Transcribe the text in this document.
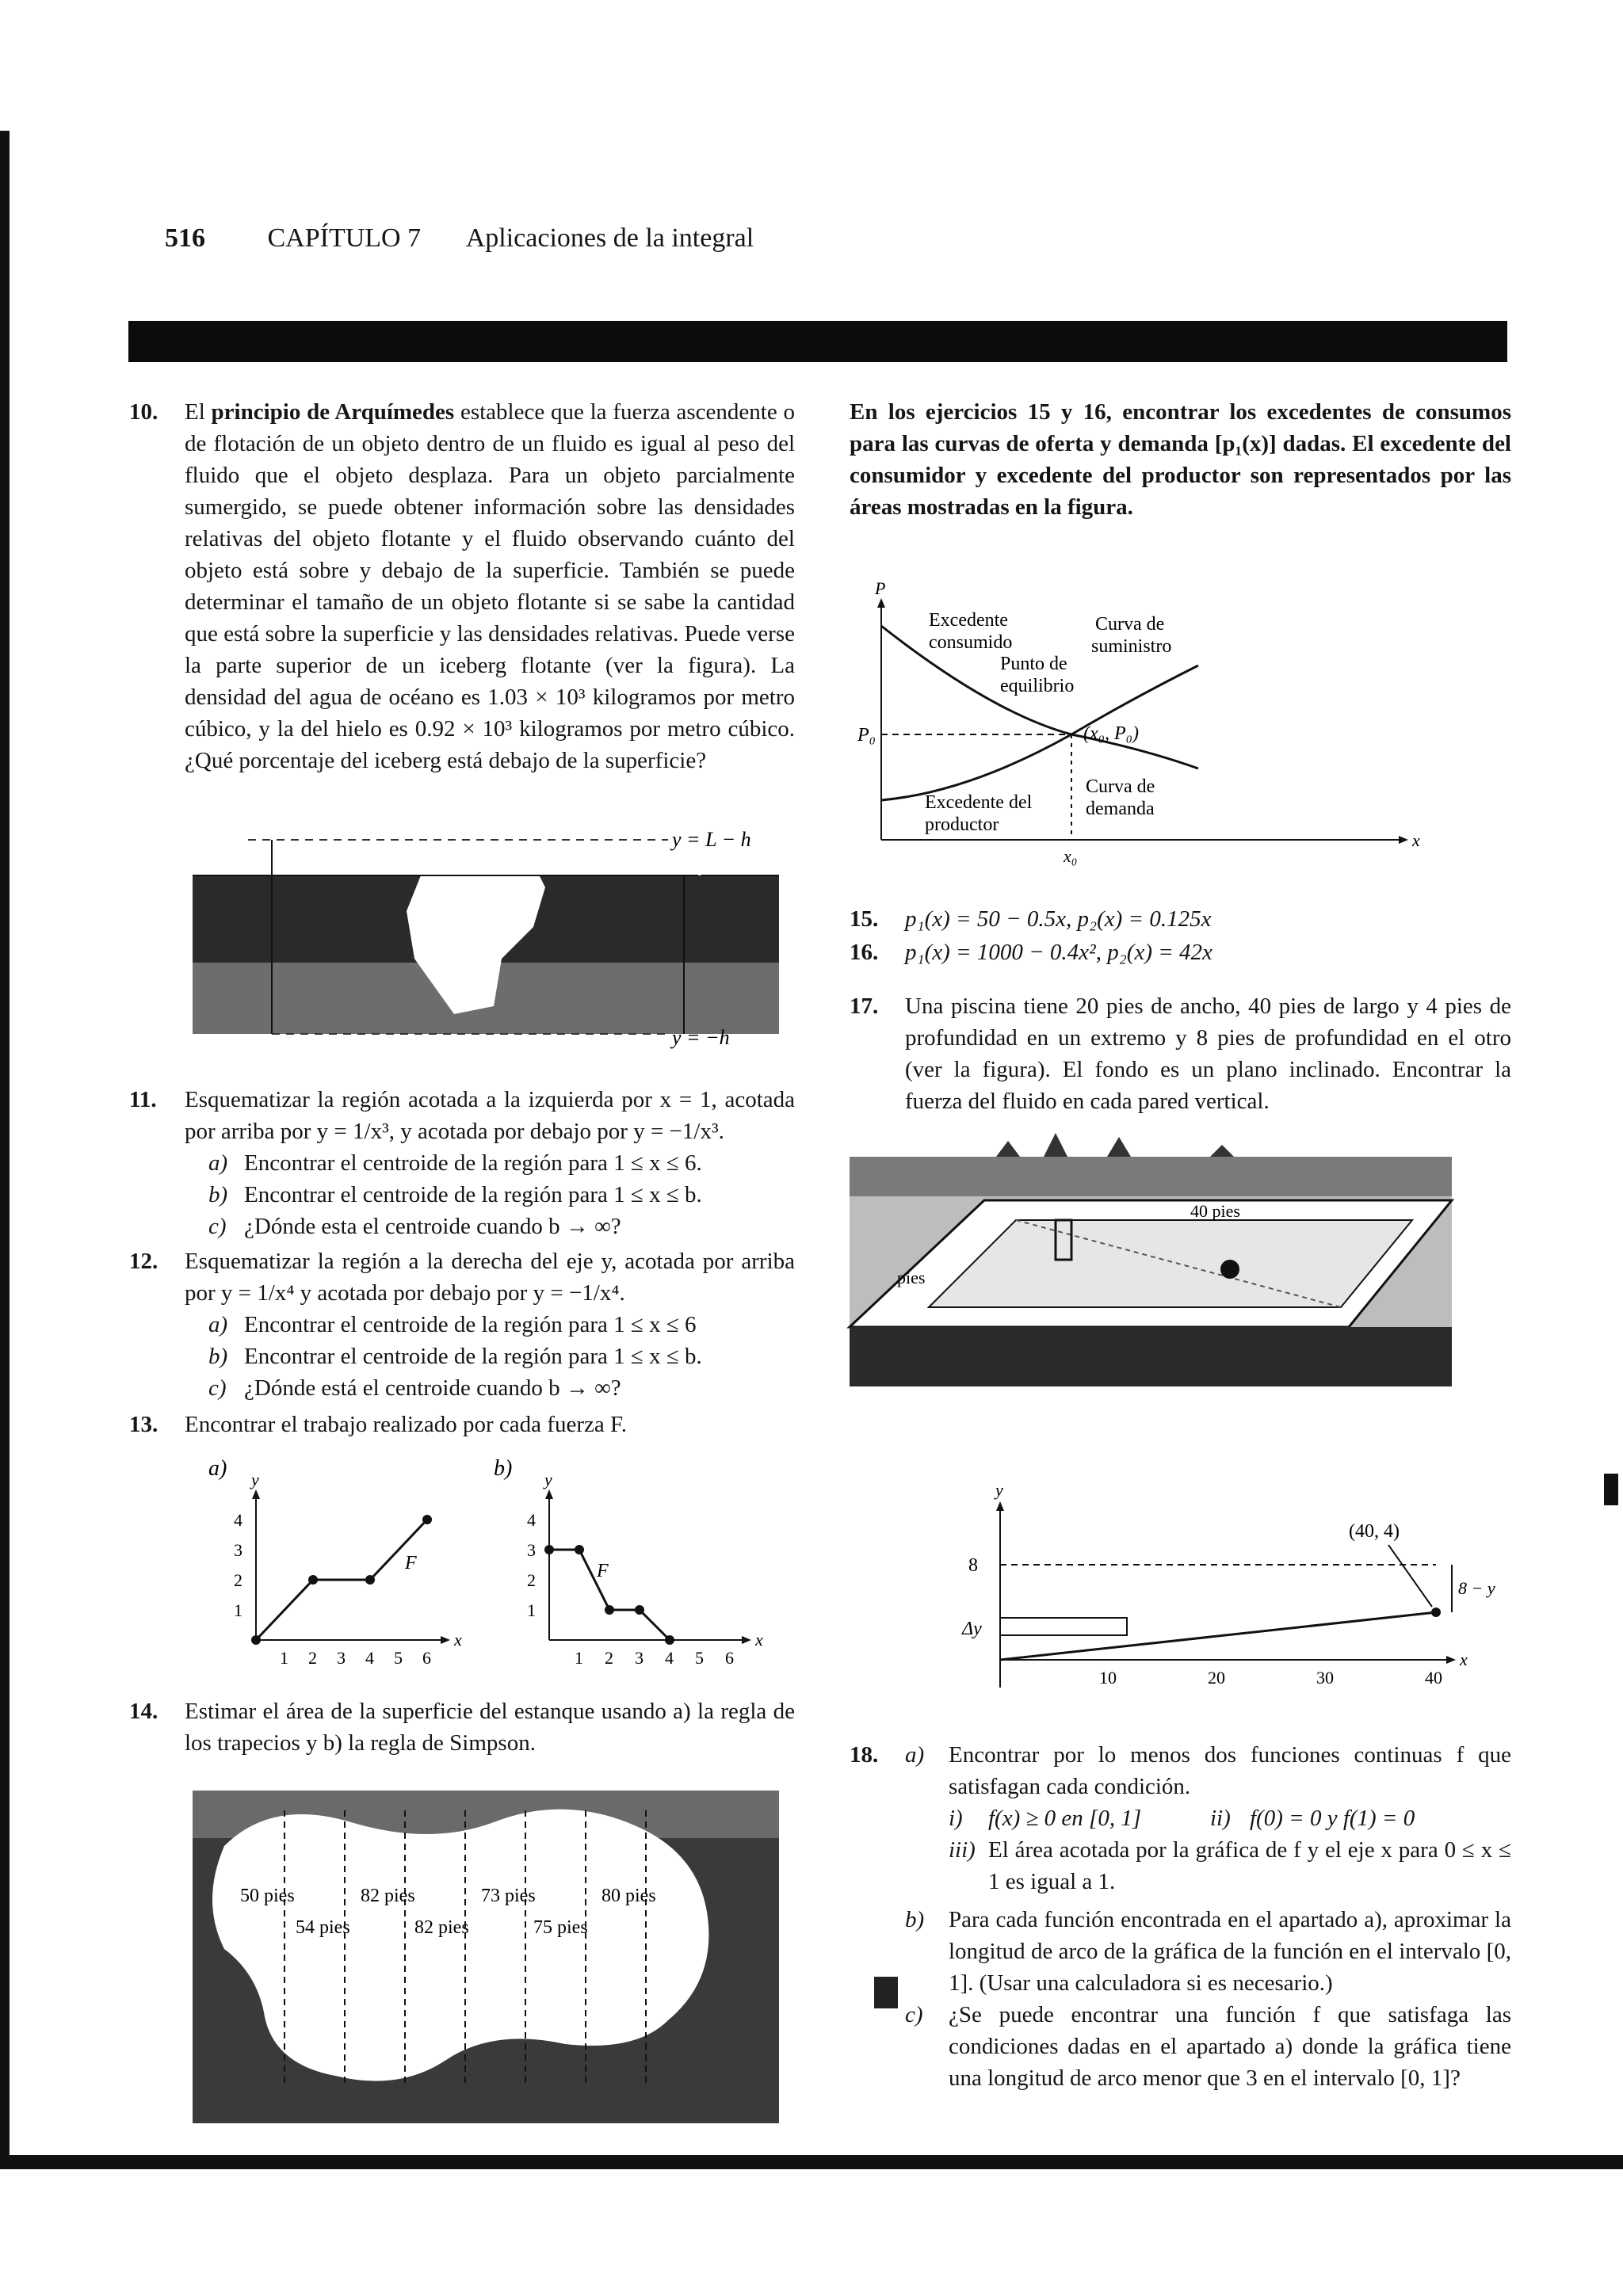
516 CAPÍTULO 7 Aplicaciones de la integral
10. El principio de Arquímedes establece que la fuerza ascendente o de flotación de un objeto dentro de un fluido es igual al peso del fluido que el objeto desplaza. Para un objeto parcialmente sumergido, se puede obtener información sobre las densidades relativas del objeto flotante y el fluido observando cuánto del objeto está sobre y debajo de la superficie. También se puede determinar el tamaño de un objeto flotante si se sabe la cantidad que está sobre la superficie y las densidades relativas. Puede verse la parte superior de un iceberg flotante (ver la figura). La densidad del agua de océano es 1.03 × 10³ kilogramos por metro cúbico, y la del hielo es 0.92 × 10³ kilogramos por metro cúbico. ¿Qué porcentaje del iceberg está debajo de la superficie?
y = L − h
y = 0
y = −h
11. Esquematizar la región acotada a la izquierda por x = 1, acotada por arriba por y = 1/x³, y acotada por debajo por y = −1/x³.
a) Encontrar el centroide de la región para 1 ≤ x ≤ 6.
b) Encontrar el centroide de la región para 1 ≤ x ≤ b.
c) ¿Dónde esta el centroide cuando b → ∞?
12. Esquematizar la región a la derecha del eje y, acotada por arriba por y = 1/x⁴ y acotada por debajo por y = −1/x⁴.
a) Encontrar el centroide de la región para 1 ≤ x ≤ 6
b) Encontrar el centroide de la región para 1 ≤ x ≤ b.
c) ¿Dónde está el centroide cuando b → ∞?
13. Encontrar el trabajo realizado por cada fuerza F.
a)	b)
y
x
1 2 3 4 5 6
1
2
3
4
F
y
x
1 2 3 4 5 6
1
2
3
4
F
14. Estimar el área de la superficie del estanque usando a) la regla de los trapecios y b) la regla de Simpson.
50 pies	82 pies	73 pies	80 pies
54 pies	82 pies	75 pies
En los ejercicios 15 y 16, encontrar los excedentes de consumos para las curvas de oferta y demanda [p₁(x)] dadas. El excedente del consumidor y excedente del productor son representados por las áreas mostradas en la figura.
x
P
P₀
x₀
Excedente
consumido
Curva de
suministro
Punto de
equilibrio
(x₀, P₀)
Excedente del
productor
Curva de
demanda
15. p₁(x) = 50 − 0.5x, p₂(x) = 0.125x
16. p₁(x) = 1000 − 0.4x², p₂(x) = 42x
17. Una piscina tiene 20 pies de ancho, 40 pies de largo y 4 pies de profundidad en un extremo y 8 pies de profundidad en el otro (ver la figura). El fondo es un plano inclinado. Encontrar la fuerza del fluido en cada pared vertical.
40 pies
pies
x
y
8
Δy
(40, 4)
8 − y
10	20	30	40
18. a)	Encontrar por lo menos dos funciones continuas f que satisfagan cada condición.
i)	f(x) ≥ 0 en [0, 1]	ii) f(0) = 0 y f(1) = 0
iii) El área acotada por la gráfica de f y el eje x para 0 ≤ x ≤ 1 es igual a 1.
b)	Para cada función encontrada en el apartado a), aproximar la longitud de arco de la gráfica de la función en el intervalo [0, 1]. (Usar una calculadora si es necesario.)
c)	¿Se puede encontrar una función f que satisfaga las condiciones dadas en el apartado a) donde la gráfica tiene una longitud de arco menor que 3 en el intervalo [0, 1]?
